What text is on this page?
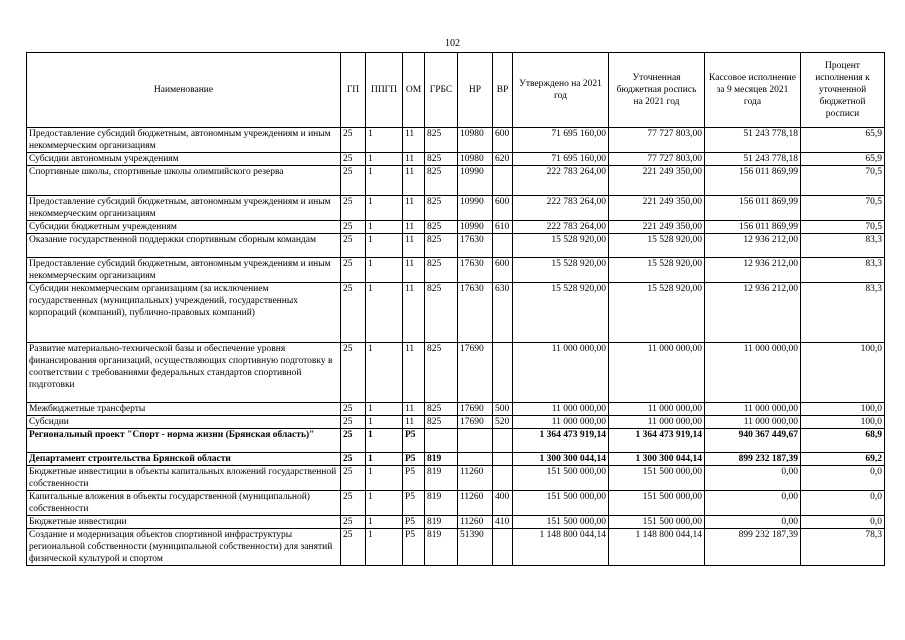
102
Наименование	ГП	ППГП	ОМ	ГРБС	НР	ВР	Утверждено на 2021 год	Уточненная бюджетная роспись на 2021 год	Кассовое исполнение за 9 месяцев 2021 года	Процент исполнения к уточненной бюджетной росписи
Предоставление субсидий бюджетным, автономным учреждениям и иным некоммерческим организациям	25	1	11	825	10980	600	71 695 160,00	77 727 803,00	51 243 778,18	65,9
Субсидии автономным учреждениям	25	1	11	825	10980	620	71 695 160,00	77 727 803,00	51 243 778,18	65,9
Спортивные школы, спортивные школы олимпийского резерва	25	1	11	825	10990		222 783 264,00	221 249 350,00	156 011 869,99	70,5
Предоставление субсидий бюджетным, автономным учреждениям и иным некоммерческим организациям	25	1	11	825	10990	600	222 783 264,00	221 249 350,00	156 011 869,99	70,5
Субсидии бюджетным учреждениям	25	1	11	825	10990	610	222 783 264,00	221 249 350,00	156 011 869,99	70,5
Оказание государственной поддержки спортивным сборным командам	25	1	11	825	17630		15 528 920,00	15 528 920,00	12 936 212,00	83,3
Предоставление субсидий бюджетным, автономным учреждениям и иным некоммерческим организациям	25	1	11	825	17630	600	15 528 920,00	15 528 920,00	12 936 212,00	83,3
Субсидии некоммерческим организациям (за исключением государственных (муниципальных) учреждений, государственных корпораций (компаний), публично-правовых компаний)	25	1	11	825	17630	630	15 528 920,00	15 528 920,00	12 936 212,00	83,3
Развитие материально-технической базы и обеспечение уровня финансирования организаций, осуществляющих спортивную подготовку в соответствии с требованиями федеральных стандартов спортивной подготовки	25	1	11	825	17690		11 000 000,00	11 000 000,00	11 000 000,00	100,0
Межбюджетные трансферты	25	1	11	825	17690	500	11 000 000,00	11 000 000,00	11 000 000,00	100,0
Субсидии	25	1	11	825	17690	520	11 000 000,00	11 000 000,00	11 000 000,00	100,0
Региональный проект "Спорт - норма жизни (Брянская область)"	25	1	P5				1 364 473 919,14	1 364 473 919,14	940 367 449,67	68,9
Департамент строительства Брянской области	25	1	P5	819			1 300 300 044,14	1 300 300 044,14	899 232 187,39	69,2
Бюджетные инвестиции в объекты капитальных вложений государственной собственности	25	1	P5	819	11260		151 500 000,00	151 500 000,00	0,00	0,0
Капитальные вложения в объекты государственной (муниципальной) собственности	25	1	P5	819	11260	400	151 500 000,00	151 500 000,00	0,00	0,0
Бюджетные инвестиции	25	1	P5	819	11260	410	151 500 000,00	151 500 000,00	0,00	0,0
Создание и модернизация объектов спортивной инфраструктуры региональной собственности (муниципальной собственности) для занятий физической культурой и спортом	25	1	P5	819	51390		1 148 800 044,14	1 148 800 044,14	899 232 187,39	78,3
